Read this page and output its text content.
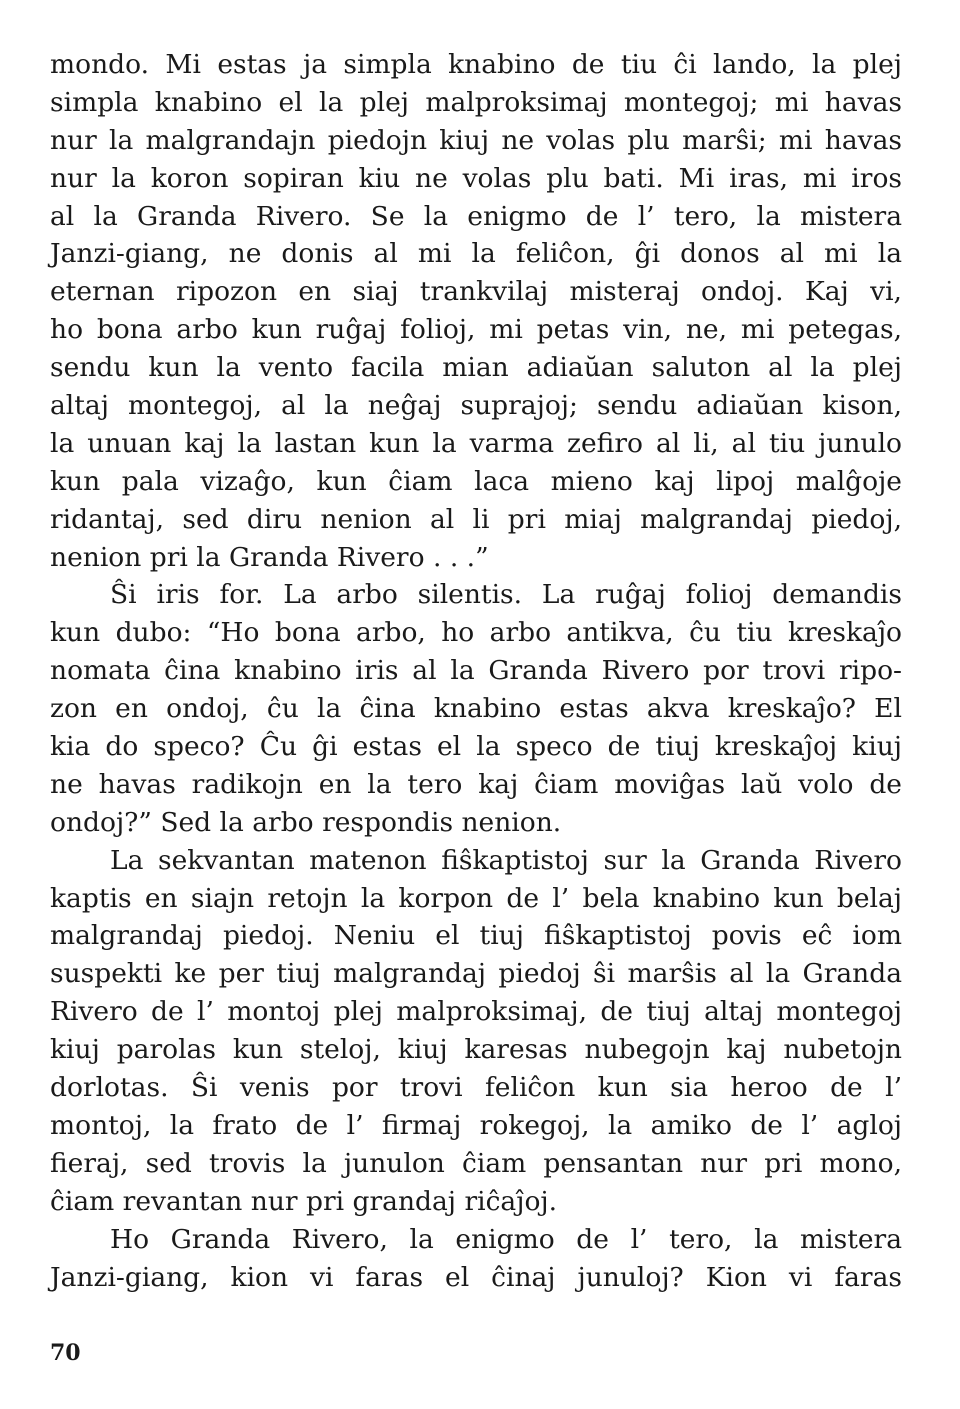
mondo. Mi estas ja simpla knabino de tiu ĉi lando, la plej
simpla knabino el la plej malproksimaj montegoj; mi havas
nur la malgrandajn piedojn kiuj ne volas plu marŝi; mi havas
nur la koron sopiran kiu ne volas plu bati. Mi iras, mi iros
al la Granda Rivero. Se la enigmo de l’ tero, la mistera
Janzi-giang, ne donis al mi la feliĉon, ĝi donos al mi la
eternan ripozon en siaj trankvilaj misteraj ondoj. Kaj vi,
ho bona arbo kun ruĝaj folioj, mi petas vin, ne, mi petegas,
sendu kun la vento facila mian adiaŭan saluton al la plej
altaj montegoj, al la neĝaj suprajoj; sendu adiaŭan kison,
la unuan kaj la lastan kun la varma zefiro al li, al tiu junulo
kun pala vizaĝo, kun ĉiam laca mieno kaj lipoj malĝoje
ridantaj, sed diru nenion al li pri miaj malgrandaj piedoj,
nenion pri la Granda Rivero . . .”
Ŝi iris for. La arbo silentis. La ruĝaj folioj demandis
kun dubo: “Ho bona arbo, ho arbo antikva, ĉu tiu kreskaĵo
nomata ĉina knabino iris al la Granda Rivero por trovi ripo-
zon en ondoj, ĉu la ĉina knabino estas akva kreskaĵo? El
kia do speco? Ĉu ĝi estas el la speco de tiuj kreskaĵoj kiuj
ne havas radikojn en la tero kaj ĉiam moviĝas laŭ volo de
ondoj?” Sed la arbo respondis nenion.
La sekvantan matenon fiŝkaptistoj sur la Granda Rivero
kaptis en siajn retojn la korpon de l’ bela knabino kun belaj
malgrandaj piedoj. Neniu el tiuj fiŝkaptistoj povis eĉ iom
suspekti ke per tiuj malgrandaj piedoj ŝi marŝis al la Granda
Rivero de l’ montoj plej malproksimaj, de tiuj altaj montegoj
kiuj parolas kun steloj, kiuj karesas nubegojn kaj nubetojn
dorlotas. Ŝi venis por trovi feliĉon kun sia heroo de l’
montoj, la frato de l’ firmaj rokegoj, la amiko de l’ agloj
fieraj, sed trovis la junulon ĉiam pensantan nur pri mono,
ĉiam revantan nur pri grandaj riĉaĵoj.
Ho Granda Rivero, la enigmo de l’ tero, la mistera
Janzi-giang, kion vi faras el ĉinaj junuloj? Kion vi faras
70
